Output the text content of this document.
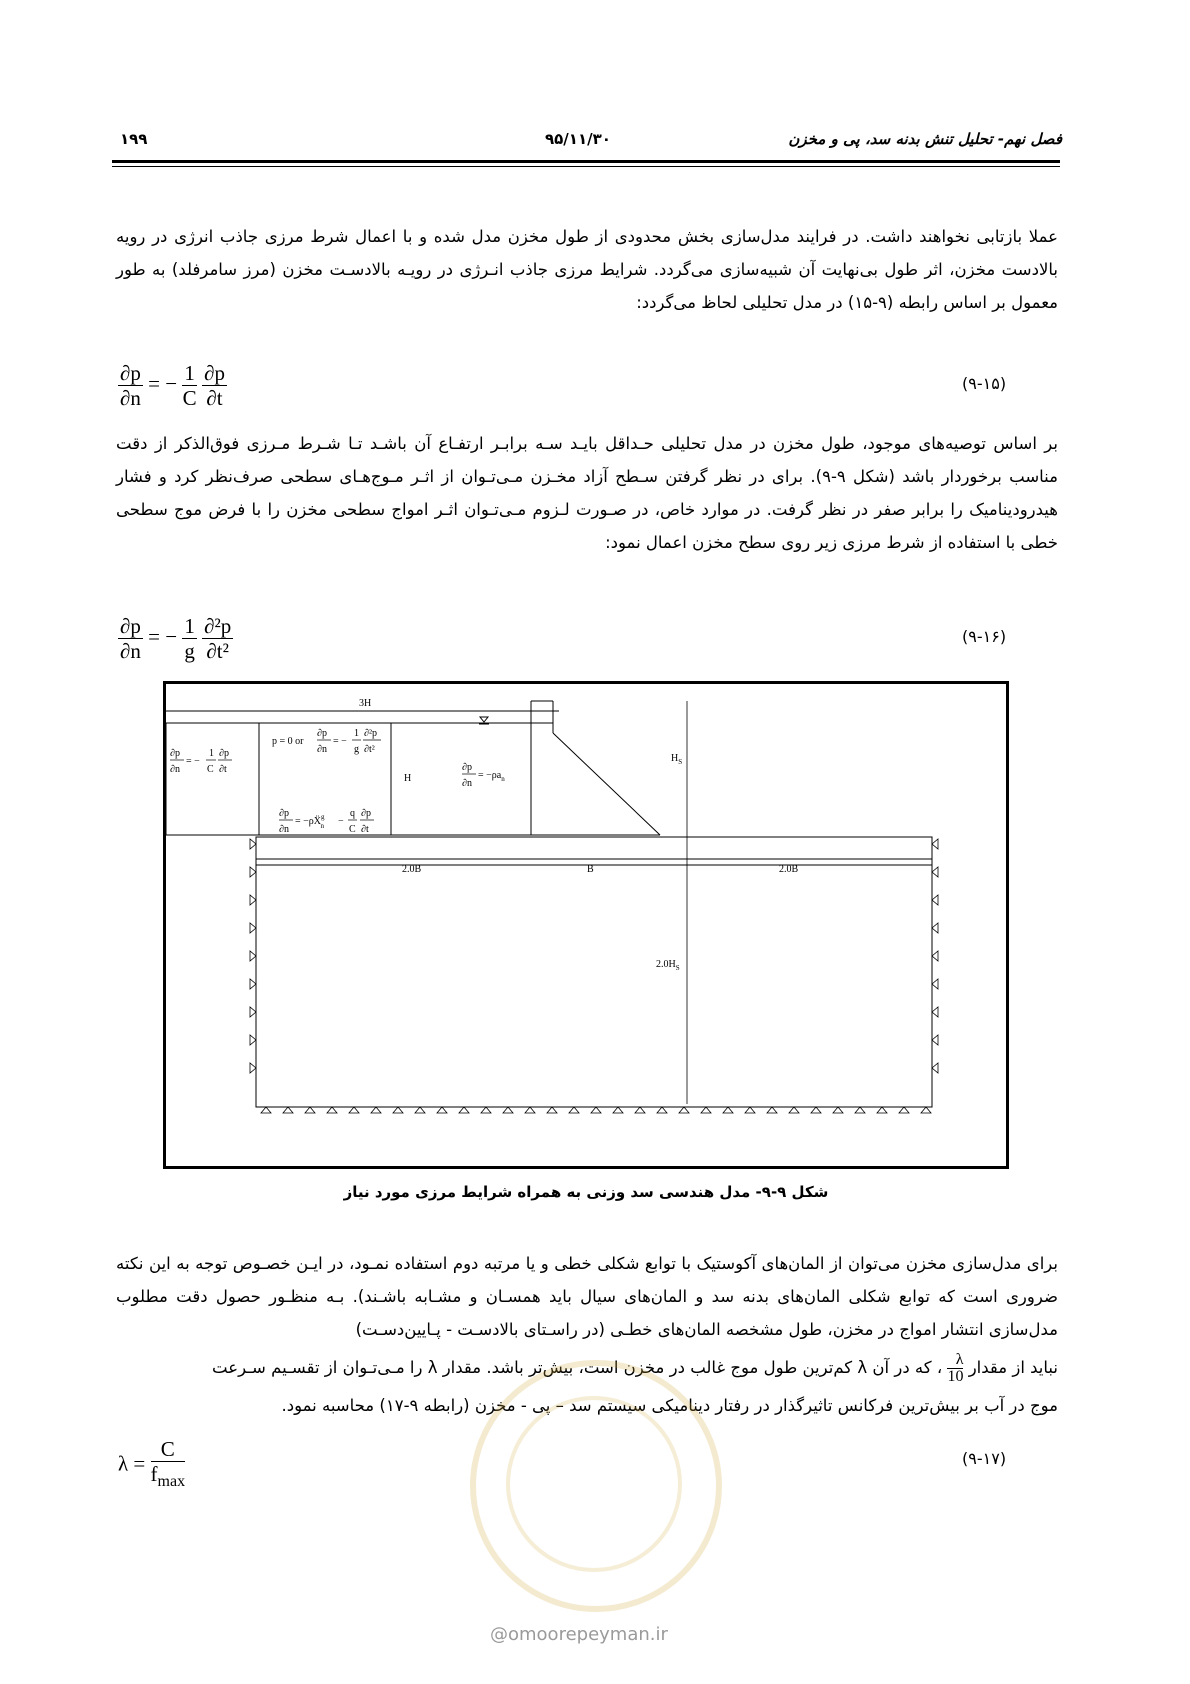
فصل نهم- تحلیل تنش بدنه سد، پی و مخزن
۹۵/۱۱/۳۰
۱۹۹

عملا بازتابی نخواهند داشت. در فرایند مدل‌سازی بخش محدودی از طول مخزن مدل شده و با اعمال شرط مرزی جاذب انرژی در رویه بالادست مخزن، اثر طول بی‌نهایت آن شبیه‌سازی می‌گردد. شرایط مرزی جاذب انـرژی در رویـه بالادسـت مخزن (مرز سامرفلد) به طور معمول بر اساس رابطه (۹-۱۵) در مدل تحلیلی لحاظ می‌گردد:

$\frac{\partial p}{\partial n}$ = − $\frac{1}{C}$
$\frac{\partial p}{\partial t}$	(۹-۱۵)

بر اساس توصیه‌های موجود، طول مخزن در مدل تحلیلی حـداقل بایـد سـه برابـر ارتفـاع آن باشـد تـا شـرط مـرزی فوق‌الذکر از دقت مناسب برخوردار باشد (شکل ۹-۹). برای در نظر گرفتن سـطح آزاد مخـزن مـی‌تـوان از اثـر مـوج‌هـای سطحی صرف‌نظر کرد و فشار هیدرودینامیک را برابر صفر در نظر گرفت. در موارد خاص، در صـورت لـزوم مـی‌تـوان اثـر امواج سطحی مخزن را با فرض موج سطحی خطی با استفاده از شرط مرزی زیر روی سطح مخزن اعمال نمود:

$\frac{\partial p}{\partial n}$ = − $\frac{1}{g}$
$\frac{\text{∂²p}}{\text{∂t²}}$	(۹-۱۶)
3H
$H_S$
2.0B	B	2.0B
$2.0H_S$
H
∂p
∂n
= −
1
C
∂p
∂t
p = 0 or
∂p
∂n
= −
1
g
∂²p
∂t²
∂p
∂n
= $-\rho a_n$
∂p
∂n
= −ρẌ$^g$ n −
q
C
∂p
∂t
شکل ۹-۹- مدل هندسی سد وزنی به همراه شرایط مرزی مورد نیاز

برای مدل‌سازی مخزن می‌توان از المان‌های آکوستیک با توابع شکلی خطی و یا مرتبه دوم استفاده نمـود، در ایـن خصـوص توجه به این نکته ضروری است که توابع شکلی المان‌های بدنه سد و المان‌های سیال باید همسـان و مشـابه باشـند). بـه منظـور حصول دقت مطلوب مدل‌سازی انتشار امواج در مخزن، طول مشخصه المان‌های خطـی (در راسـتای بالادسـت - پـایین‌دسـت)

نباید از مقدار
$\frac{\lambda}{10}$ ، که در آن λ کم‌ترین طول موج غالب در مخزن است، بیش‌تر باشد. مقدار λ را مـی‌تـوان از تقسـیم سـرعت

موج در آب بر بیش‌ترین فرکانس تاثیرگذار در رفتار دینامیکی سیستم سد – پی - مخزن (رابطه ۹-۱۷) محاسبه نمود.

$\lambda = \frac{C}{f_{max}}$	(۹-۱۷)
@omoorepeyman.ir
